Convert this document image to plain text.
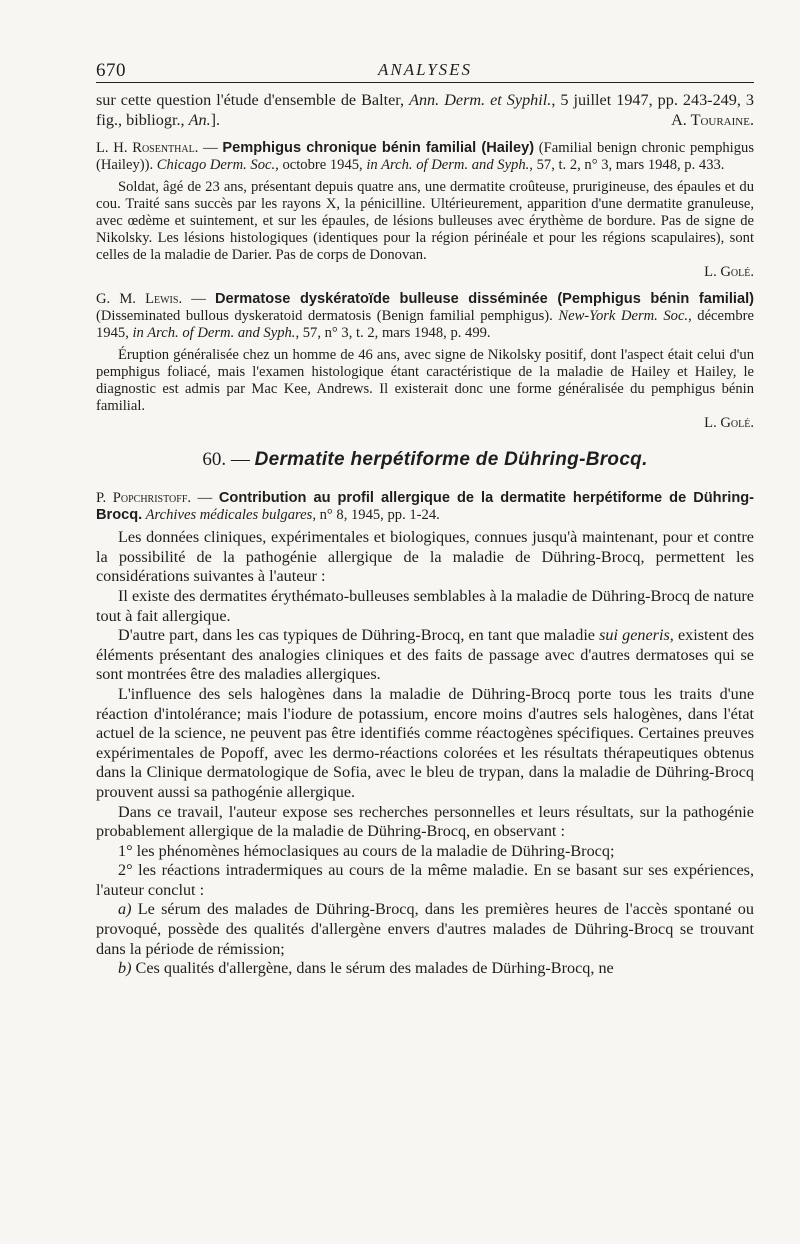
670	ANALYSES

sur cette question l'étude d'ensemble de Balter, Ann. Derm. et Syphil., 5 juillet 1947, pp. 243-249, 3 fig., bibliogr., An.].	A. Touraine.

L. H. Rosenthal. — Pemphigus chronique bénin familial (Hailey) (Familial benign chronic pemphigus (Hailey)). Chicago Derm. Soc., octobre 1945, in Arch. of Derm. and Syph., 57, t. 2, n° 3, mars 1948, p. 433.

Soldat, âgé de 23 ans, présentant depuis quatre ans, une dermatite croûteuse, prurigineuse, des épaules et du cou. Traité sans succès par les rayons X, la pénicilline. Ultérieurement, apparition d'une dermatite granuleuse, avec œdème et suintement, et sur les épaules, de lésions bulleuses avec érythème de bordure. Pas de signe de Nikolsky. Les lésions histologiques (identiques pour la région périnéale et pour les régions scapulaires), sont celles de la maladie de Darier. Pas de corps de Donovan.

L. Golé.

G. M. Lewis. — Dermatose dyskératoïde bulleuse disséminée (Pemphigus bénin familial) (Disseminated bullous dyskeratoid dermatosis (Benign familial pemphigus). New-York Derm. Soc., décembre 1945, in Arch. of Derm. and Syph., 57, n° 3, t. 2, mars 1948, p. 499.

Éruption généralisée chez un homme de 46 ans, avec signe de Nikolsky positif, dont l'aspect était celui d'un pemphigus foliacé, mais l'examen histologique étant caractéristique de la maladie de Hailey et Hailey, le diagnostic est admis par Mac Kee, Andrews. Il existerait donc une forme généralisée du pemphigus bénin familial.

L. Golé.

60. — Dermatite herpétiforme de Dühring-Brocq.

P. Popchristoff. — Contribution au profil allergique de la dermatite herpétiforme de Dühring-Brocq. Archives médicales bulgares, n° 8, 1945, pp. 1-24.

Les données cliniques, expérimentales et biologiques, connues jusqu'à maintenant, pour et contre la possibilité de la pathogénie allergique de la maladie de Dühring-Brocq, permettent les considérations suivantes à l'auteur :

Il existe des dermatites érythémato-bulleuses semblables à la maladie de Dühring-Brocq de nature tout à fait allergique.

D'autre part, dans les cas typiques de Dühring-Brocq, en tant que maladie sui generis, existent des éléments présentant des analogies cliniques et des faits de passage avec d'autres dermatoses qui se sont montrées être des maladies allergiques.

L'influence des sels halogènes dans la maladie de Dühring-Brocq porte tous les traits d'une réaction d'intolérance; mais l'iodure de potassium, encore moins d'autres sels halogènes, dans l'état actuel de la science, ne peuvent pas être identifiés comme réactogènes spécifiques. Certaines preuves expérimentales de Popoff, avec les dermo-réactions colorées et les résultats thérapeutiques obtenus dans la Clinique dermatologique de Sofia, avec le bleu de trypan, dans la maladie de Dühring-Brocq prouvent aussi sa pathogénie allergique.

Dans ce travail, l'auteur expose ses recherches personnelles et leurs résultats, sur la pathogénie probablement allergique de la maladie de Dühring-Brocq, en observant :

1° les phénomènes hémoclasiques au cours de la maladie de Dühring-Brocq;

2° les réactions intradermiques au cours de la même maladie. En se basant sur ses expériences, l'auteur conclut :

a) Le sérum des malades de Dühring-Brocq, dans les premières heures de l'accès spontané ou provoqué, possède des qualités d'allergène envers d'autres malades de Dühring-Brocq se trouvant dans la période de rémission;

b) Ces qualités d'allergène, dans le sérum des malades de Dürhing-Brocq, ne
